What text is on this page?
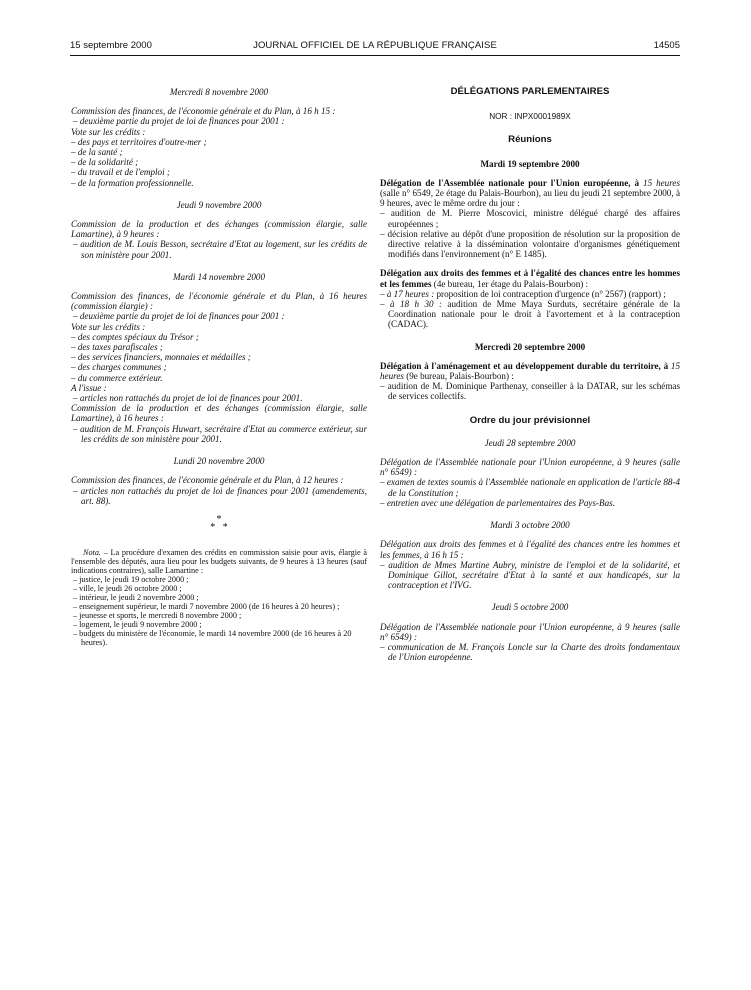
15 septembre 2000	JOURNAL OFFICIEL DE LA RÉPUBLIQUE FRANÇAISE	14505
Mercredi 8 novembre 2000
Commission des finances, de l'économie générale et du Plan, à 16 h 15 :
– deuxième partie du projet de loi de finances pour 2001 :
Vote sur les crédits :
– des pays et territoires d'outre-mer ;
– de la santé ;
– de la solidarité ;
– du travail et de l'emploi ;
– de la formation professionnelle.
Jeudi 9 novembre 2000
Commission de la production et des échanges (commission élargie, salle Lamartine), à 9 heures :
– audition de M. Louis Besson, secrétaire d'Etat au logement, sur les crédits de son ministère pour 2001.
Mardi 14 novembre 2000
Commission des finances, de l'économie générale et du Plan, à 16 heures (commission élargie) :
– deuxième partie du projet de loi de finances pour 2001 :
Vote sur les crédits :
– des comptes spéciaux du Trésor ;
– des taxes parafiscales ;
– des services financiers, monnaies et médailles ;
– des charges communes ;
– du commerce extérieur.
A l'issue :
– articles non rattachés du projet de loi de finances pour 2001.
Commission de la production et des échanges (commission élargie, salle Lamartine), à 16 heures :
– audition de M. François Huwart, secrétaire d'Etat au commerce extérieur, sur les crédits de son ministère pour 2001.
Lundi 20 novembre 2000
Commission des finances, de l'économie générale et du Plan, à 12 heures :
– articles non rattachés du projet de loi de finances pour 2001 (amendements, art. 88).
*
*   *
Nota. – La procédure d'examen des crédits en commission saisie pour avis, élargie à l'ensemble des députés, aura lieu pour les budgets suivants, de 9 heures à 13 heures (sauf indications contraires), salle Lamartine :
– justice, le jeudi 19 octobre 2000 ;
– ville, le jeudi 26 octobre 2000 ;
– intérieur, le jeudi 2 novembre 2000 ;
– enseignement supérieur, le mardi 7 novembre 2000 (de 16 heures à 20 heures) ;
– jeunesse et sports, le mercredi 8 novembre 2000 ;
– logement, le jeudi 9 novembre 2000 ;
– budgets du ministère de l'économie, le mardi 14 novembre 2000 (de 16 heures à 20 heures).
DÉLÉGATIONS PARLEMENTAIRES
NOR : INPX0001989X
Réunions
Mardi 19 septembre 2000
Délégation de l'Assemblée nationale pour l'Union européenne, à 15 heures (salle n° 6549, 2e étage du Palais-Bourbon), au lieu du jeudi 21 septembre 2000, à 9 heures, avec le même ordre du jour :
– audition de M. Pierre Moscovici, ministre délégué chargé des affaires européennes ;
– décision relative au dépôt d'une proposition de résolution sur la proposition de directive relative à la dissémination volontaire d'organismes génétiquement modifiés dans l'environnement (n° E 1485).
Délégation aux droits des femmes et à l'égalité des chances entre les hommes et les femmes (4e bureau, 1er étage du Palais-Bourbon) :
– à 17 heures : proposition de loi contraception d'urgence (n° 2567) (rapport) ;
– à 18 h 30 : audition de Mme Maya Surduts, secrétaire générale de la Coordination nationale pour le droit à l'avortement et à la contraception (CADAC).
Mercredi 20 septembre 2000
Délégation à l'aménagement et au développement durable du territoire, à 15 heures (9e bureau, Palais-Bourbon) :
– audition de M. Dominique Parthenay, conseiller à la DATAR, sur les schémas de services collectifs.
Ordre du jour prévisionnel
Jeudi 28 septembre 2000
Délégation de l'Assemblée nationale pour l'Union européenne, à 9 heures (salle n° 6549) :
– examen de textes soumis à l'Assemblée nationale en application de l'article 88-4 de la Constitution ;
– entretien avec une délégation de parlementaires des Pays-Bas.
Mardi 3 octobre 2000
Délégation aux droits des femmes et à l'égalité des chances entre les hommes et les femmes, à 16 h 15 :
– audition de Mmes Martine Aubry, ministre de l'emploi et de la solidarité, et Dominique Gillot, secrétaire d'Etat à la santé et aux handicapés, sur la contraception et l'IVG.
Jeudi 5 octobre 2000
Délégation de l'Assemblée nationale pour l'Union européenne, à 9 heures (salle n° 6549) :
– communication de M. François Loncle sur la Charte des droits fondamentaux de l'Union européenne.
